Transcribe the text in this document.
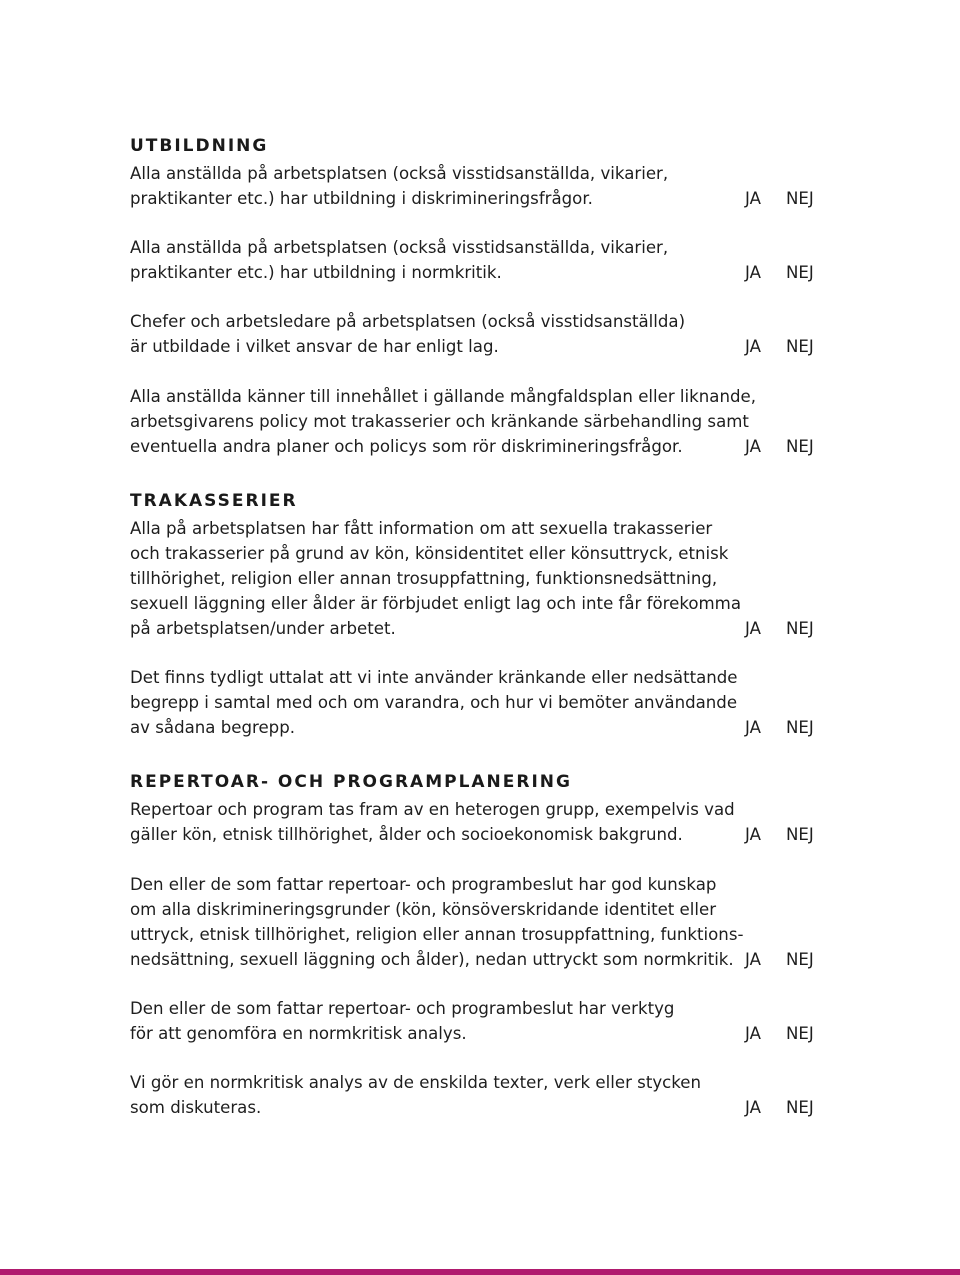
UTBILDNING
Alla anställda på arbetsplatsen (också visstidsanställda, vikarier,
praktikanter etc.) har utbildning i diskrimineringsfrågor.	JA NEJ
Alla anställda på arbetsplatsen (också visstidsanställda, vikarier,
praktikanter etc.) har utbildning i normkritik.	JA NEJ
Chefer och arbetsledare på arbetsplatsen (också visstidsanställda)
är utbildade i vilket ansvar de har enligt lag.	JA NEJ
Alla anställda känner till innehållet i gällande mångfaldsplan eller liknande,
arbetsgivarens policy mot trakasserier och kränkande särbehandling samt
eventuella andra planer och policys som rör diskrimineringsfrågor.	JA NEJ
TRAKASSERIER
Alla på arbetsplatsen har fått information om att sexuella trakasserier
och trakasserier på grund av kön, könsidentitet eller könsuttryck, etnisk
tillhörighet, religion eller annan trosuppfattning, funktionsnedsättning,
sexuell läggning eller ålder är förbjudet enligt lag och inte får förekomma
på arbetsplatsen/under arbetet.	JA NEJ
Det finns tydligt uttalat att vi inte använder kränkande eller nedsättande
begrepp i samtal med och om varandra, och hur vi bemöter användande
av sådana begrepp.	JA NEJ
REPERTOAR- OCH PROGRAMPLANERING
Repertoar och program tas fram av en heterogen grupp, exempelvis vad
gäller kön, etnisk tillhörighet, ålder och socioekonomisk bakgrund.	JA NEJ
Den eller de som fattar repertoar- och programbeslut har god kunskap
om alla diskrimineringsgrunder (kön, könsöverskridande identitet eller
uttryck, etnisk tillhörighet, religion eller annan trosuppfattning, funktions-
nedsättning, sexuell läggning och ålder), nedan uttryckt som normkritik. JA NEJ
Den eller de som fattar repertoar- och programbeslut har verktyg
för att genomföra en normkritisk analys.	JA NEJ
Vi gör en normkritisk analys av de enskilda texter, verk eller stycken
som diskuteras.	JA NEJ
